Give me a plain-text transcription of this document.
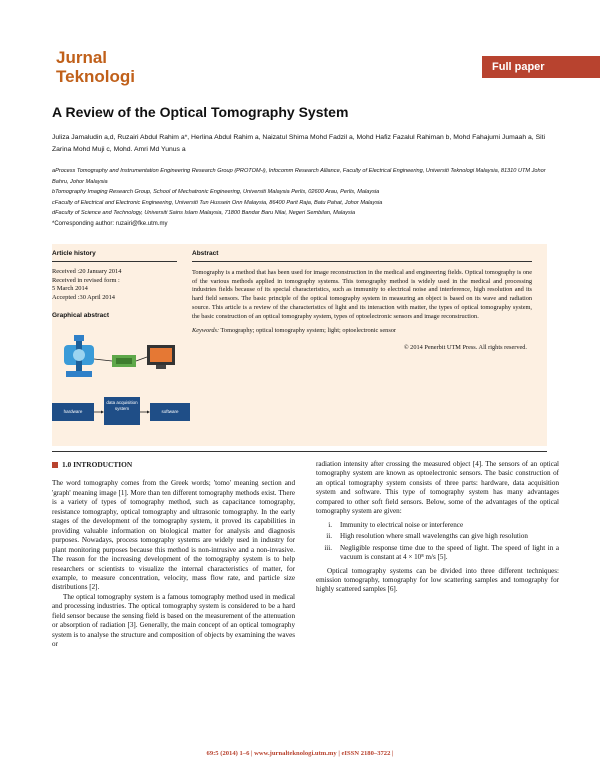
Jurnal
Teknologi	Full paper
A Review of the Optical Tomography System
Juliza Jamaludin a,d, Ruzairi Abdul Rahim a*, Herlina Abdul Rahim a, Naizatul Shima Mohd Fadzil a, Mohd Hafiz Fazalul Rahiman b, Mohd Fahajumi Jumaah a, Siti Zarina Mohd Muji c, Mohd. Amri Md Yunus a
aProcess Tomography and Instrumentation Engineering Research Group (PROTOM-i), Infocomm Research Alliance, Faculty of Electrical Engineering, Universiti Teknologi Malaysia, 81310 UTM Johor Bahru, Johor Malaysia
bTomography Imaging Research Group, School of Mechatronic Engineering, Universiti Malaysia Perlis, 02600 Arau, Perlis, Malaysia
cFaculty of Electrical and Electronic Engineering, Universiti Tun Hussein Onn Malaysia, 86400 Parit Raja, Batu Pahat, Johor Malaysia
dFaculty of Science and Technology, Universiti Sains Islam Malaysia, 71800 Bandar Baru Nilai, Negeri Sembilan, Malaysia
*Corresponding author: ruzairi@fke.utm.my
Article history

Received :20 January 2014

Received in revised form :

5 March 2014

Accepted :30 April 2014

Graphical abstract
hardware
data acquisition system
software
Abstract

Tomography is a method that has been used for image reconstruction in the medical and engineering fields. Optical tomography is one of the various methods applied in tomography systems. This tomography method is widely used in the medical and processing industries fields because of its special characteristics, such as immunity to electrical noise and interference, high resolution and its hard field sensors. The basic principle of the optical tomography system in measuring an object is based on its wave and radiation source. This article is a review of the characteristics of light and its interaction with matter, the types of optical tomography system, the basic construction of an optical tomography system, types of optoelectronic sensors and image reconstruction.

Keywords: Tomography; optical tomography system; light; optoelectronic sensor

© 2014 Penerbit UTM Press. All rights reserved.

1.0 INTRODUCTION

The word tomography comes from the Greek words; 'tomo' meaning section and 'graph' meaning image [1]. More than ten different tomography methods exist. There is a variety of types of tomography method, such as capacitance tomography, resistance tomography, optical tomography and ultrasonic tomography. In the early stages of the development of the tomography system, it proved its capabilities in providing valuable information on biological matter for analysis and diagnosis purposes. Nowadays, process tomography systems are widely used in industry for plant monitoring purposes because this method is non-intrusive and a non-invasive. The reason for the increasing development of the tomography system is to help researchers or scientists to visualize the internal characteristics of matter, for example, to measure concentration, velocity, mass flow rate, and particle size distributions [2].

The optical tomography system is a famous tomography method used in medical and processing industries. The optical tomography system is considered to be a hard field sensor because the sensing field is based on the measurement of the attenuation or absorption of radiation [3]. Generally, the main concept of an optical tomography system is to analyse the structure and composition of objects by examining the waves or

radiation intensity after crossing the measured object [4]. The sensors of an optical tomography system are known as optoelectronic sensors. The basic construction of an optical tomography system consists of three parts: hardware, data acquisition system and software. This type of tomography system has many advantages compared to other soft field sensors. Below, some of the advantages of the optical tomography system are given:

i.	Immunity to electrical noise or interference
ii.	High resolution where small wavelengths can give high resolution
iii.	Negligible response time due to the speed of light. The speed of light in a vacuum is constant at 4 × 10⁸ m/s [5].

Optical tomography systems can be divided into three different techniques: emission tomography, tomography for low scattering samples and tomography for highly scattered samples [6].

69:5 (2014) 1–6 | www.jurnalteknologi.utm.my | eISSN 2180–3722 |
